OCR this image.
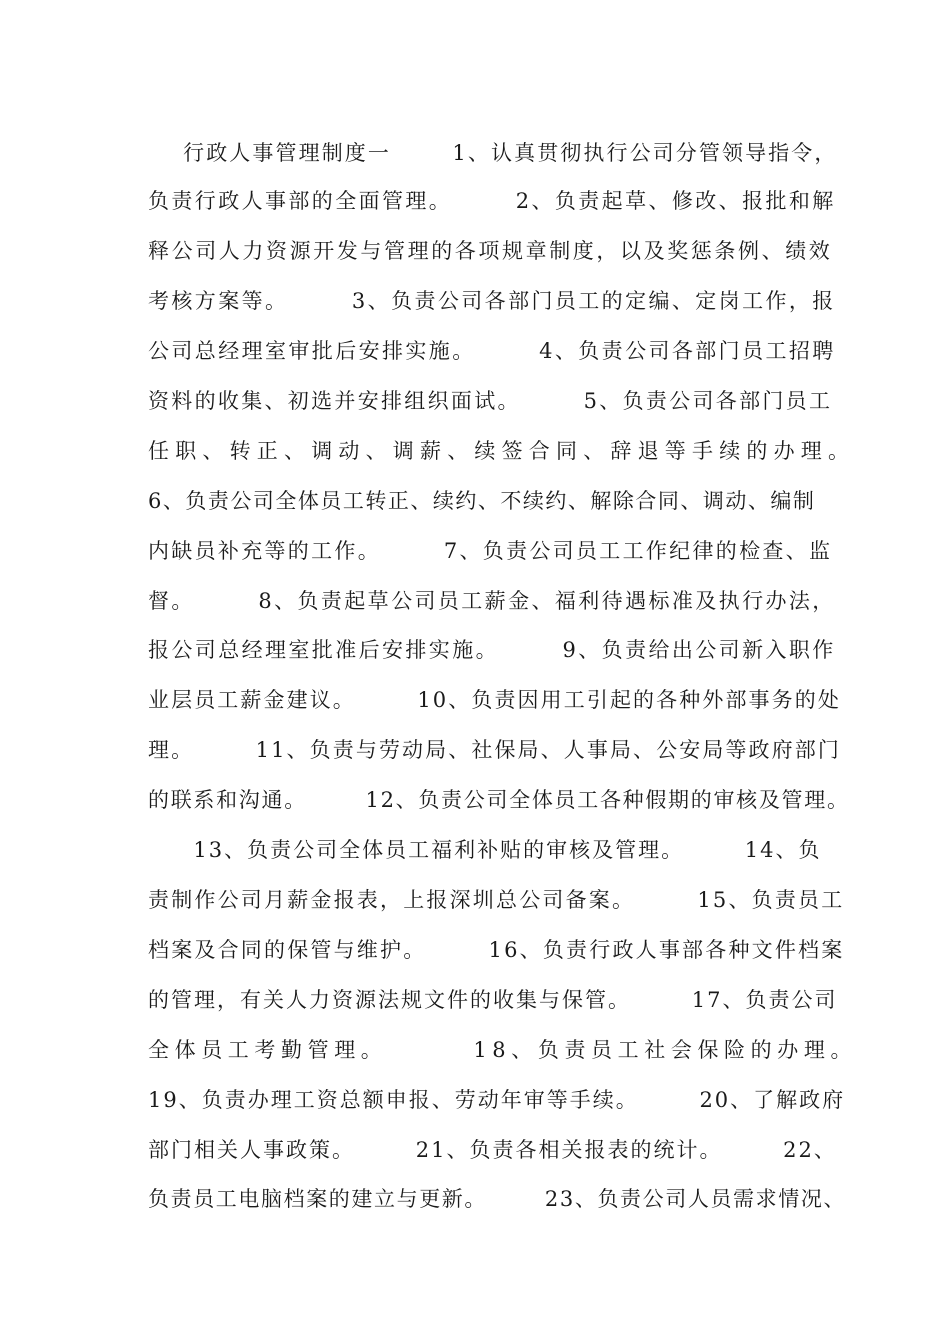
行政人事管理制度一       1、认真贯彻执行公司分管领导指令，
负责行政人事部的全面管理。       2、负责起草、修改、报批和解
释公司人力资源开发与管理的各项规章制度，以及奖惩条例、绩效
考核方案等。       3、负责公司各部门员工的定编、定岗工作，报
公司总经理室审批后安排实施。       4、负责公司各部门员工招聘
资料的收集、初选并安排组织面试。       5、负责公司各部门员工
任职、转正、调动、调薪、续签合同、辞退等手续的办理。
6、负责公司全体员工转正、续约、不续约、解除合同、调动、编制
内缺员补充等的工作。       7、负责公司员工工作纪律的检查、监
督。       8、负责起草公司员工薪金、福利待遇标准及执行办法，
报公司总经理室批准后安排实施。       9、负责给出公司新入职作
业层员工薪金建议。       10、负责因用工引起的各种外部事务的处
理。       11、负责与劳动局、社保局、人事局、公安局等政府部门
的联系和沟通。       12、负责公司全体员工各种假期的审核及管理。
13、负责公司全体员工福利补贴的审核及管理。       14、负
责制作公司月薪金报表，上报深圳总公司备案。       15、负责员工
档案及合同的保管与维护。       16、负责行政人事部各种文件档案
的管理，有关人力资源法规文件的收集与保管。       17、负责公司
全体员工考勤管理。       18、负责员工社会保险的办理。
19、负责办理工资总额申报、劳动年审等手续。       20、了解政府
部门相关人事政策。       21、负责各相关报表的统计。       22、
负责员工电脑档案的建立与更新。       23、负责公司人员需求情况、
